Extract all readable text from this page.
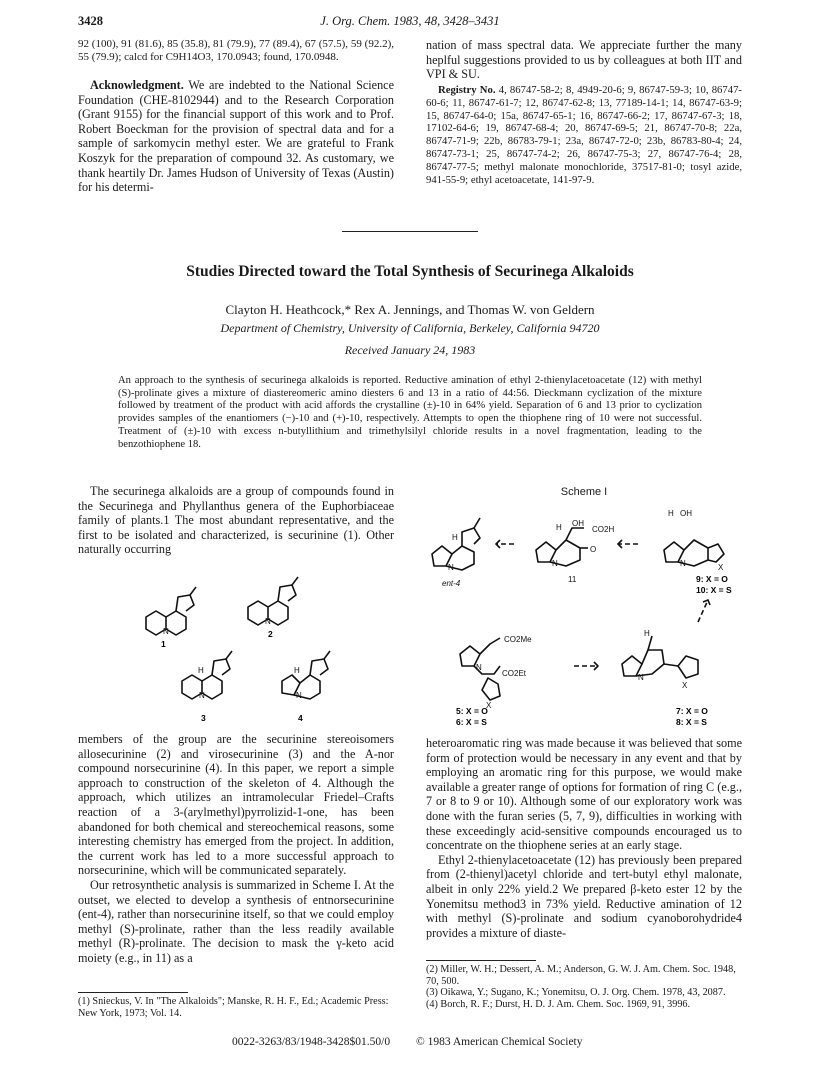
3428	J. Org. Chem. 1983, 48, 3428–3431

92 (100), 91 (81.6), 85 (35.8), 81 (79.9), 77 (89.4), 67 (57.5), 59 (92.2), 55 (79.9); calcd for C9H14O3, 170.0943; found, 170.0948.

Acknowledgment. We are indebted to the National Science Foundation (CHE-8102944) and to the Research Corporation (Grant 9155) for the financial support of this work and to Prof. Robert Boeckman for the provision of spectral data and for a sample of sarkomycin methyl ester. We are grateful to Frank Koszyk for the preparation of compound 32. As customary, we thank heartily Dr. James Hudson of University of Texas (Austin) for his determi-

nation of mass spectral data. We appreciate further the many heplful suggestions provided to us by colleagues at both IIT and VPI & SU.

Registry No. 4, 86747-58-2; 8, 4949-20-6; 9, 86747-59-3; 10, 86747-60-6; 11, 86747-61-7; 12, 86747-62-8; 13, 77189-14-1; 14, 86747-63-9; 15, 86747-64-0; 15a, 86747-65-1; 16, 86747-66-2; 17, 86747-67-3; 18, 17102-64-6; 19, 86747-68-4; 20, 86747-69-5; 21, 86747-70-8; 22a, 86747-71-9; 22b, 86783-79-1; 23a, 86747-72-0; 23b, 86783-80-4; 24, 86747-73-1; 25, 86747-74-2; 26, 86747-75-3; 27, 86747-76-4; 28, 86747-77-5; methyl malonate monochloride, 37517-81-0; tosyl azide, 941-55-9; ethyl acetoacetate, 141-97-9.

Studies Directed toward the Total Synthesis of Securinega Alkaloids
Clayton H. Heathcock,* Rex A. Jennings, and Thomas W. von Geldern
Department of Chemistry, University of California, Berkeley, California 94720
Received January 24, 1983
An approach to the synthesis of securinega alkaloids is reported. Reductive amination of ethyl 2-thienylacetoacetate (12) with methyl (S)-prolinate gives a mixture of diastereomeric amino diesters 6 and 13 in a ratio of 44:56. Dieckmann cyclization of the mixture followed by treatment of the product with acid affords the crystalline (±)-10 in 64% yield. Separation of 6 and 13 prior to cyclization provides samples of the enantiomers (−)-10 and (+)-10, respectively. Attempts to open the thiophene ring of 10 were not successful. Treatment of (±)-10 with excess n-butyllithium and trimethylsilyl chloride results in a novel fragmentation, leading to the benzothiophene 18.

The securinega alkaloids are a group of compounds found in the Securinega and Phyllanthus genera of the Euphorbiaceae family of plants.1 The most abundant representative, and the first to be isolated and characterized, is securinine (1). Other naturally occurring

N
N
H
N
H
N
1
2
3	4

members of the group are the securinine stereoisomers allosecurinine (2) and virosecurinine (3) and the A-nor compound norsecurinine (4). In this paper, we report a simple approach to construction of the skeleton of 4. Although the approach, which utilizes an intramolecular Friedel–Crafts reaction of a 3-(arylmethyl)pyrrolizid-1-one, has been abandoned for both chemical and stereochemical reasons, some interesting chemistry has emerged from the project. In addition, the current work has led to a more successful approach to norsecurinine, which will be communicated separately.

Our retrosynthetic analysis is summarized in Scheme I. At the outset, we elected to develop a synthesis of entnorsecurinine (ent-4), rather than norsecurinine itself, so that we could employ methyl (S)-prolinate, rather than the less readily available methyl (R)-prolinate. The decision to mask the γ-keto acid moiety (e.g., in 11) as a

Scheme I
H
N
ent-4
H
N
OH
CO2H
O
11
N	X
OH
H
9: X = O
10: X = S
N
X
CO2Me
CO2Et
5: X = O
6: X = S
N
H
X
7: X = O
8: X = S

heteroaromatic ring was made because it was believed that some form of protection would be necessary in any event and that by employing an aromatic ring for this purpose, we would make available a greater range of options for formation of ring C (e.g., 7 or 8 to 9 or 10). Although some of our exploratory work was done with the furan series (5, 7, 9), difficulties in working with these exceedingly acid-sensitive compounds encouraged us to concentrate on the thiophene series at an early stage.

Ethyl 2-thienylacetoacetate (12) has previously been prepared from (2-thienyl)acetyl chloride and tert-butyl ethyl malonate, albeit in only 22% yield.2 We prepared β-keto ester 12 by the Yonemitsu method3 in 73% yield. Reductive amination of 12 with methyl (S)-prolinate and sodium cyanoborohydride4 provides a mixture of diaste-

(1) Snieckus, V. In "The Alkaloids"; Manske, R. H. F., Ed.; Academic Press: New York, 1973; Vol. 14.
(2) Miller, W. H.; Dessert, A. M.; Anderson, G. W. J. Am. Chem. Soc. 1948, 70, 500.
(3) Oikawa, Y.; Sugano, K.; Yonemitsu, O. J. Org. Chem. 1978, 43, 2087.
(4) Borch, R. F.; Durst, H. D. J. Am. Chem. Soc. 1969, 91, 3996.
0022-3263/83/1948-3428$01.50/0 © 1983 American Chemical Society
